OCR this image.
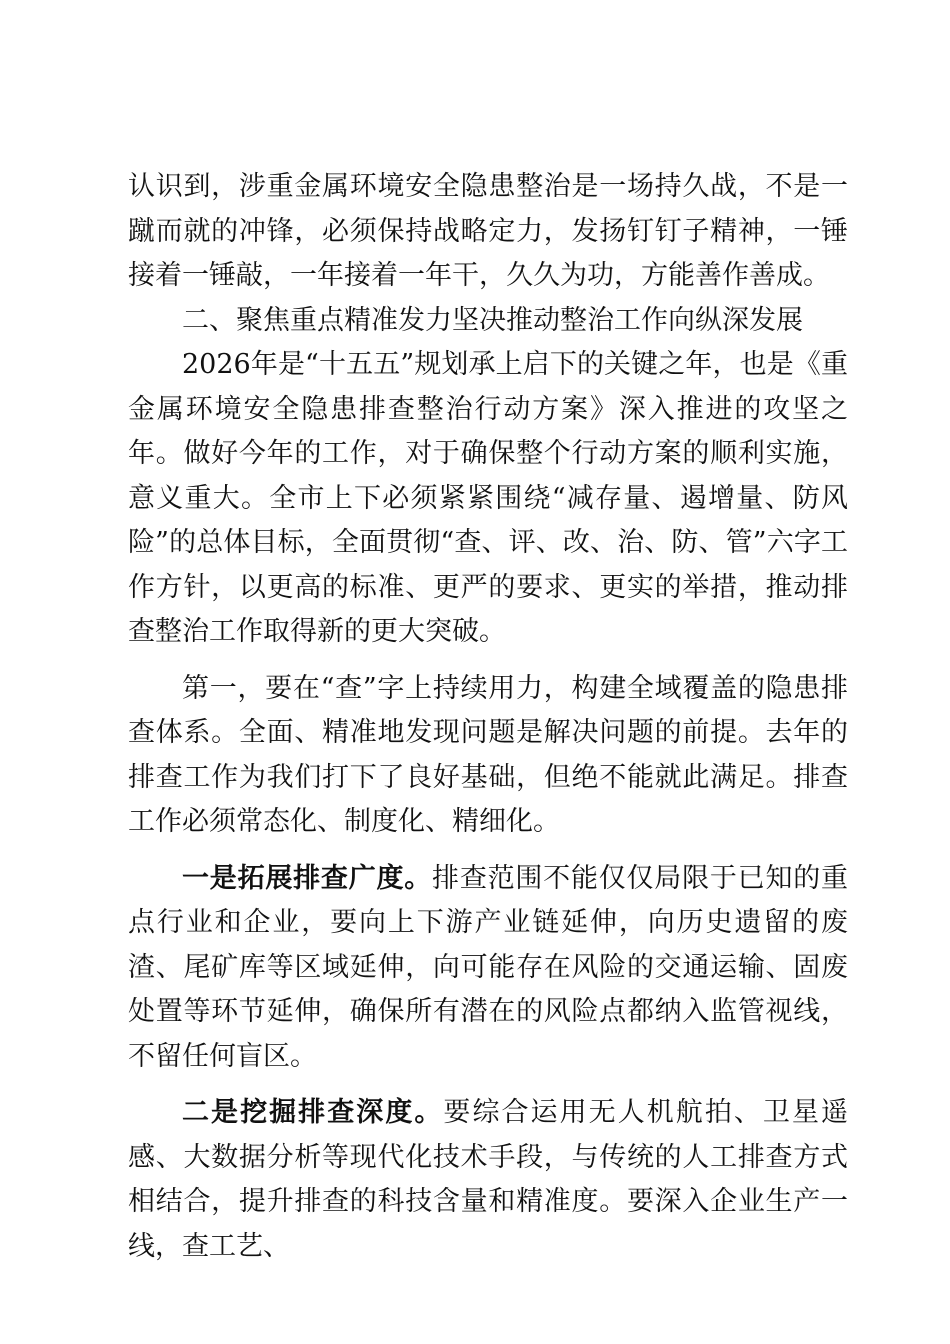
认识到，涉重金属环境安全隐患整治是一场持久战，不是一蹴而就的冲锋，必须保持战略定力，发扬钉钉子精神，一锤接着一锤敲，一年接着一年干，久久为功，方能善作善成。

二、聚焦重点精准发力坚决推动整治工作向纵深发展

2026年是“十五五”规划承上启下的关键之年，也是《重金属环境安全隐患排查整治行动方案》深入推进的攻坚之年。做好今年的工作，对于确保整个行动方案的顺利实施，意义重大。全市上下必须紧紧围绕“减存量、遏增量、防风险”的总体目标，全面贯彻“查、评、改、治、防、管”六字工作方针，以更高的标准、更严的要求、更实的举措，推动排查整治工作取得新的更大突破。

第一，要在“查”字上持续用力，构建全域覆盖的隐患排查体系。全面、精准地发现问题是解决问题的前提。去年的排查工作为我们打下了良好基础，但绝不能就此满足。排查工作必须常态化、制度化、精细化。

一是拓展排查广度。排查范围不能仅仅局限于已知的重点行业和企业，要向上下游产业链延伸，向历史遗留的废渣、尾矿库等区域延伸，向可能存在风险的交通运输、固废处置等环节延伸，确保所有潜在的风险点都纳入监管视线，不留任何盲区。

二是挖掘排查深度。要综合运用无人机航拍、卫星遥感、大数据分析等现代化技术手段，与传统的人工排查方式相结合，提升排查的科技含量和精准度。要深入企业生产一线，查工艺、
